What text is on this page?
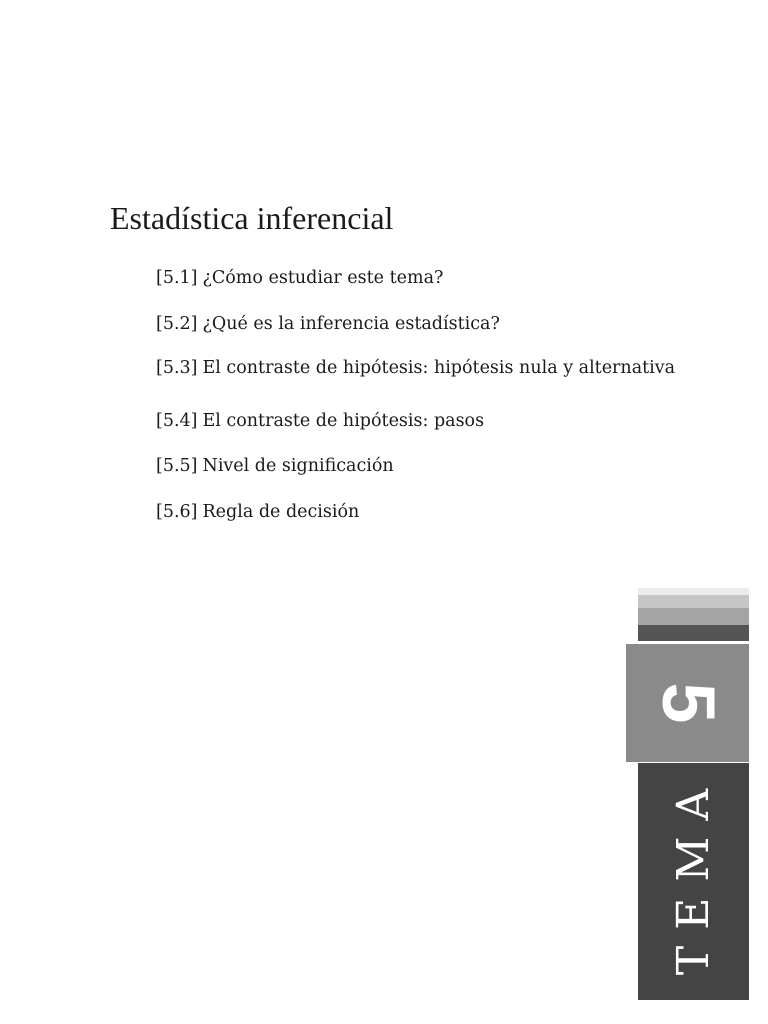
Estadística inferencial
[5.1] ¿Cómo estudiar este tema?
[5.2] ¿Qué es la inferencia estadística?
[5.3] El contraste de hipótesis: hipótesis nula y alternativa
[5.4] El contraste de hipótesis: pasos
[5.5] Nivel de significación
[5.6] Regla de decisión
5
TEMA
